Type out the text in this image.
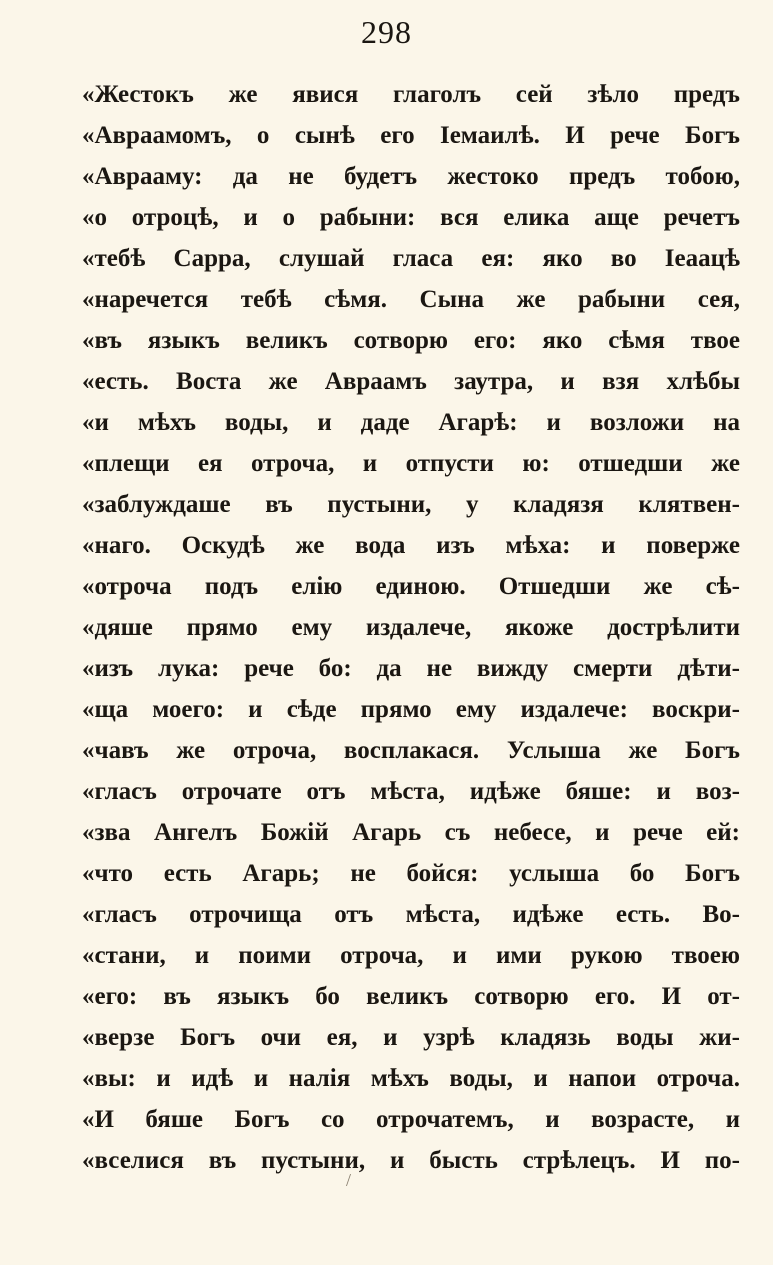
298
«Жестокъ же явися глаголъ сей зѣло предъ
«Авраамомъ, о сынѣ его Іeмаилѣ. И рече Богъ
«Аврааму: да не будетъ жестоко предъ тобою,
«о отроцѣ, и о рабыни: вся елика аще речетъ
«тебѣ Сарра, слушай гласа ея: яко во Іеаацѣ
«наречется тебѣ сѣмя. Сына же рабыни сея,
«въ языкъ великъ сотворю его: яко сѣмя твое
«есть. Воста же Авраамъ заутра, и взя хлѣбы
«и мѣхъ воды, и даде Агарѣ: и возложи на
«плещи ея отроча, и отпусти ю: отшедши же
«заблуждаше въ пустыни, у кладязя клятвен-
«наго. Оскудѣ же вода изъ мѣха: и поверже
«отроча подъ елію единою. Отшедши же сѣ-
«дяше прямо ему издалече, якоже дострѣлити
«изъ лука: рече бо: да не вижду смерти дѣти-
«ща моего: и сѣде прямо ему издалече: воскри-
«чавъ же отроча, восплакася. Услыша же Богъ
«гласъ отрочате отъ мѣста, идѣже бяше: и воз-
«зва Ангелъ Божій Агарь съ небесе, и рече ей:
«что есть Агарь; не бойся: услыша бо Богъ
«гласъ отрочища отъ мѣста, идѣже есть. Во-
«стани, и поими отроча, и ими рукою твоею
«его: въ языкъ бо великъ сотворю его. И от-
«верзе Богъ очи ея, и узрѣ кладязь воды жи-
«вы: и идѣ и налія мѣхъ воды, и напои отроча.
«И бяше Богъ со отрочатемъ, и возрасте, и
«вселися въ пустыни, и бысть стрѣлецъ. И по-
/
